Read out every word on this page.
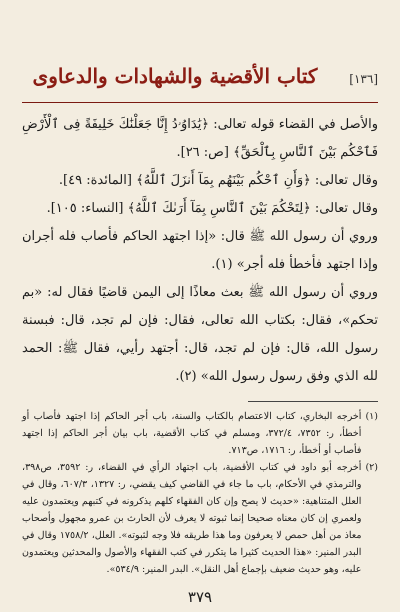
[١٣٦]
كتاب الأقضية والشهادات والدعاوى

والأصل في القضاء قوله تعالى: ﴿يَٰدَاوُۥدُ إِنَّا جَعَلْنَٰكَ خَلِيفَةً فِى ٱلْأَرْضِ فَٱحْكُم بَيْنَ ٱلنَّاسِ بِٱلْحَقِّ﴾ [ص: ٢٦].

وقال تعالى: ﴿وَأَنِ ٱحْكُم بَيْنَهُم بِمَآ أَنزَلَ ٱللَّهُ﴾ [المائدة: ٤٩].

وقال تعالى: ﴿لِتَحْكُمَ بَيْنَ ٱلنَّاسِ بِمَآ أَرَىٰكَ ٱللَّهُ﴾ [النساء: ١٠٥].

وروي أن رسول الله ﷺ قال: «إذا اجتهد الحاكم فأصاب فله أجران وإذا اجتهد فأخطأ فله أجر» (١).

وروي أن رسول الله ﷺ بعث معاذًا إلى اليمن قاضيًا فقال له: «بم تحكم»، فقال: بكتاب الله تعالى، فقال: فإن لم تجد، قال: فبسنة رسول الله، قال: فإن لم تجد، قال: أجتهد رأيي، فقال ﷺ: الحمد لله الذي وفق رسول رسول الله» (٢).

(١)
أخرجه البخاري، كتاب الاعتصام بالكتاب والسنة، باب أجر الحاكم إذا اجتهد فأصاب أو أخطأ، ر: ٧٣٥٢، ٣٧٢/٤، ومسلم في كتاب الأقضية، باب بيان أجر الحاكم إذا اجتهد فأصاب أو أخطأ، ر: ١٧١٦، ص٧١٣.
(٢)
أخرجه أبو داود في كتاب الأقضية، باب اجتهاد الرأي في القضاء، ر: ٣٥٩٢، ص٣٩٨، والترمذي في الأحكام، باب ما جاء في القاضي كيف يقضي، ر: ١٣٢٧، ٦٠٧/٣، وقال في العلل المتناهية: «حديث لا يصح وإن كان الفقهاء كلهم يذكرونه في كتبهم ويعتمدون عليه ولعمري إن كان معناه صحيحا إنما ثبوته لا يعرف لأن الحارث بن عمرو مجهول وأصحاب معاذ من أهل حمص لا يعرفون وما هذا طريقه فلا وجه لثبوته». العلل، ١٧٥٨/٢ وقال في البدر المنير: «هذا الحديث كثيرا ما يتكرر في كتب الفقهاء والأصول والمحدثين ويعتمدون عليه، وهو حديث ضعيف بإجماع أهل النقل». البدر المنير: ٥٣٤/٩».
٣٧٩
